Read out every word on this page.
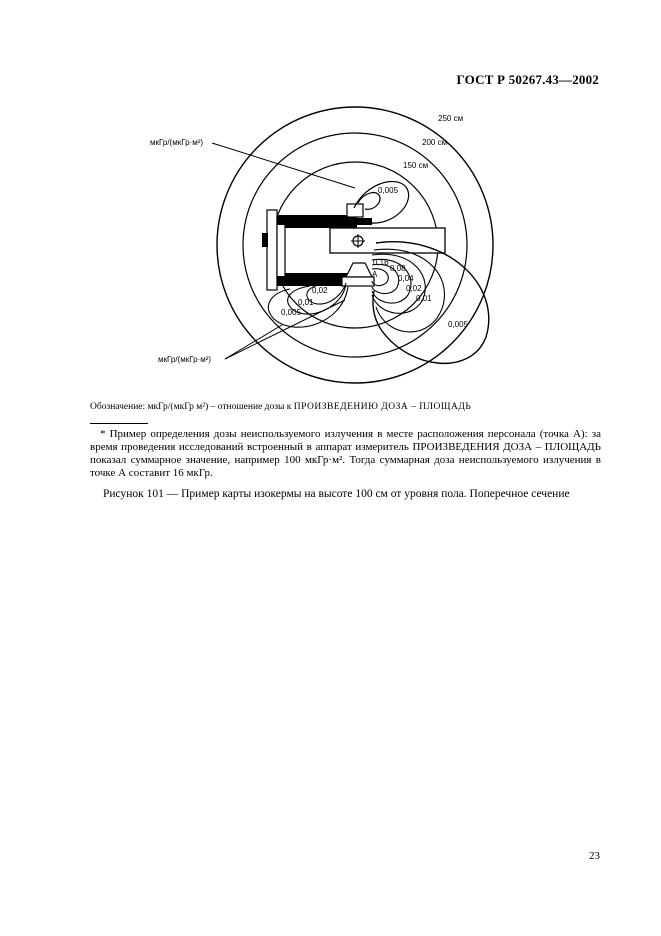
ГОСТ Р 50267.43—2002
250 см
200 см
150 см
мкГр/(мкГр·м²)
мкГр/(мкГр·м²)
0,005
0,16
A
0,08
0,04
0,02
0,01
0,005
0,02
0,01
0,005
Обозначение: мкГр/(мкГр м²) – отношение дозы к ПРОИЗВЕДЕНИЮ ДОЗА – ПЛОЩАДЬ

* Пример определения дозы неиспользуемого излучения в месте расположения персонала (точка А): за время проведения исследований встроенный в аппарат измеритель ПРОИЗВЕДЕНИЯ ДОЗА – ПЛОЩАДЬ показал суммарное значение, например 100 мкГр·м². Тогда суммарная доза неиспользуемого излучения в точке А составит 16 мкГр.

Рисунок 101 — Пример карты изокермы на высоте 100 см от уровня пола. Поперечное сечение
23
